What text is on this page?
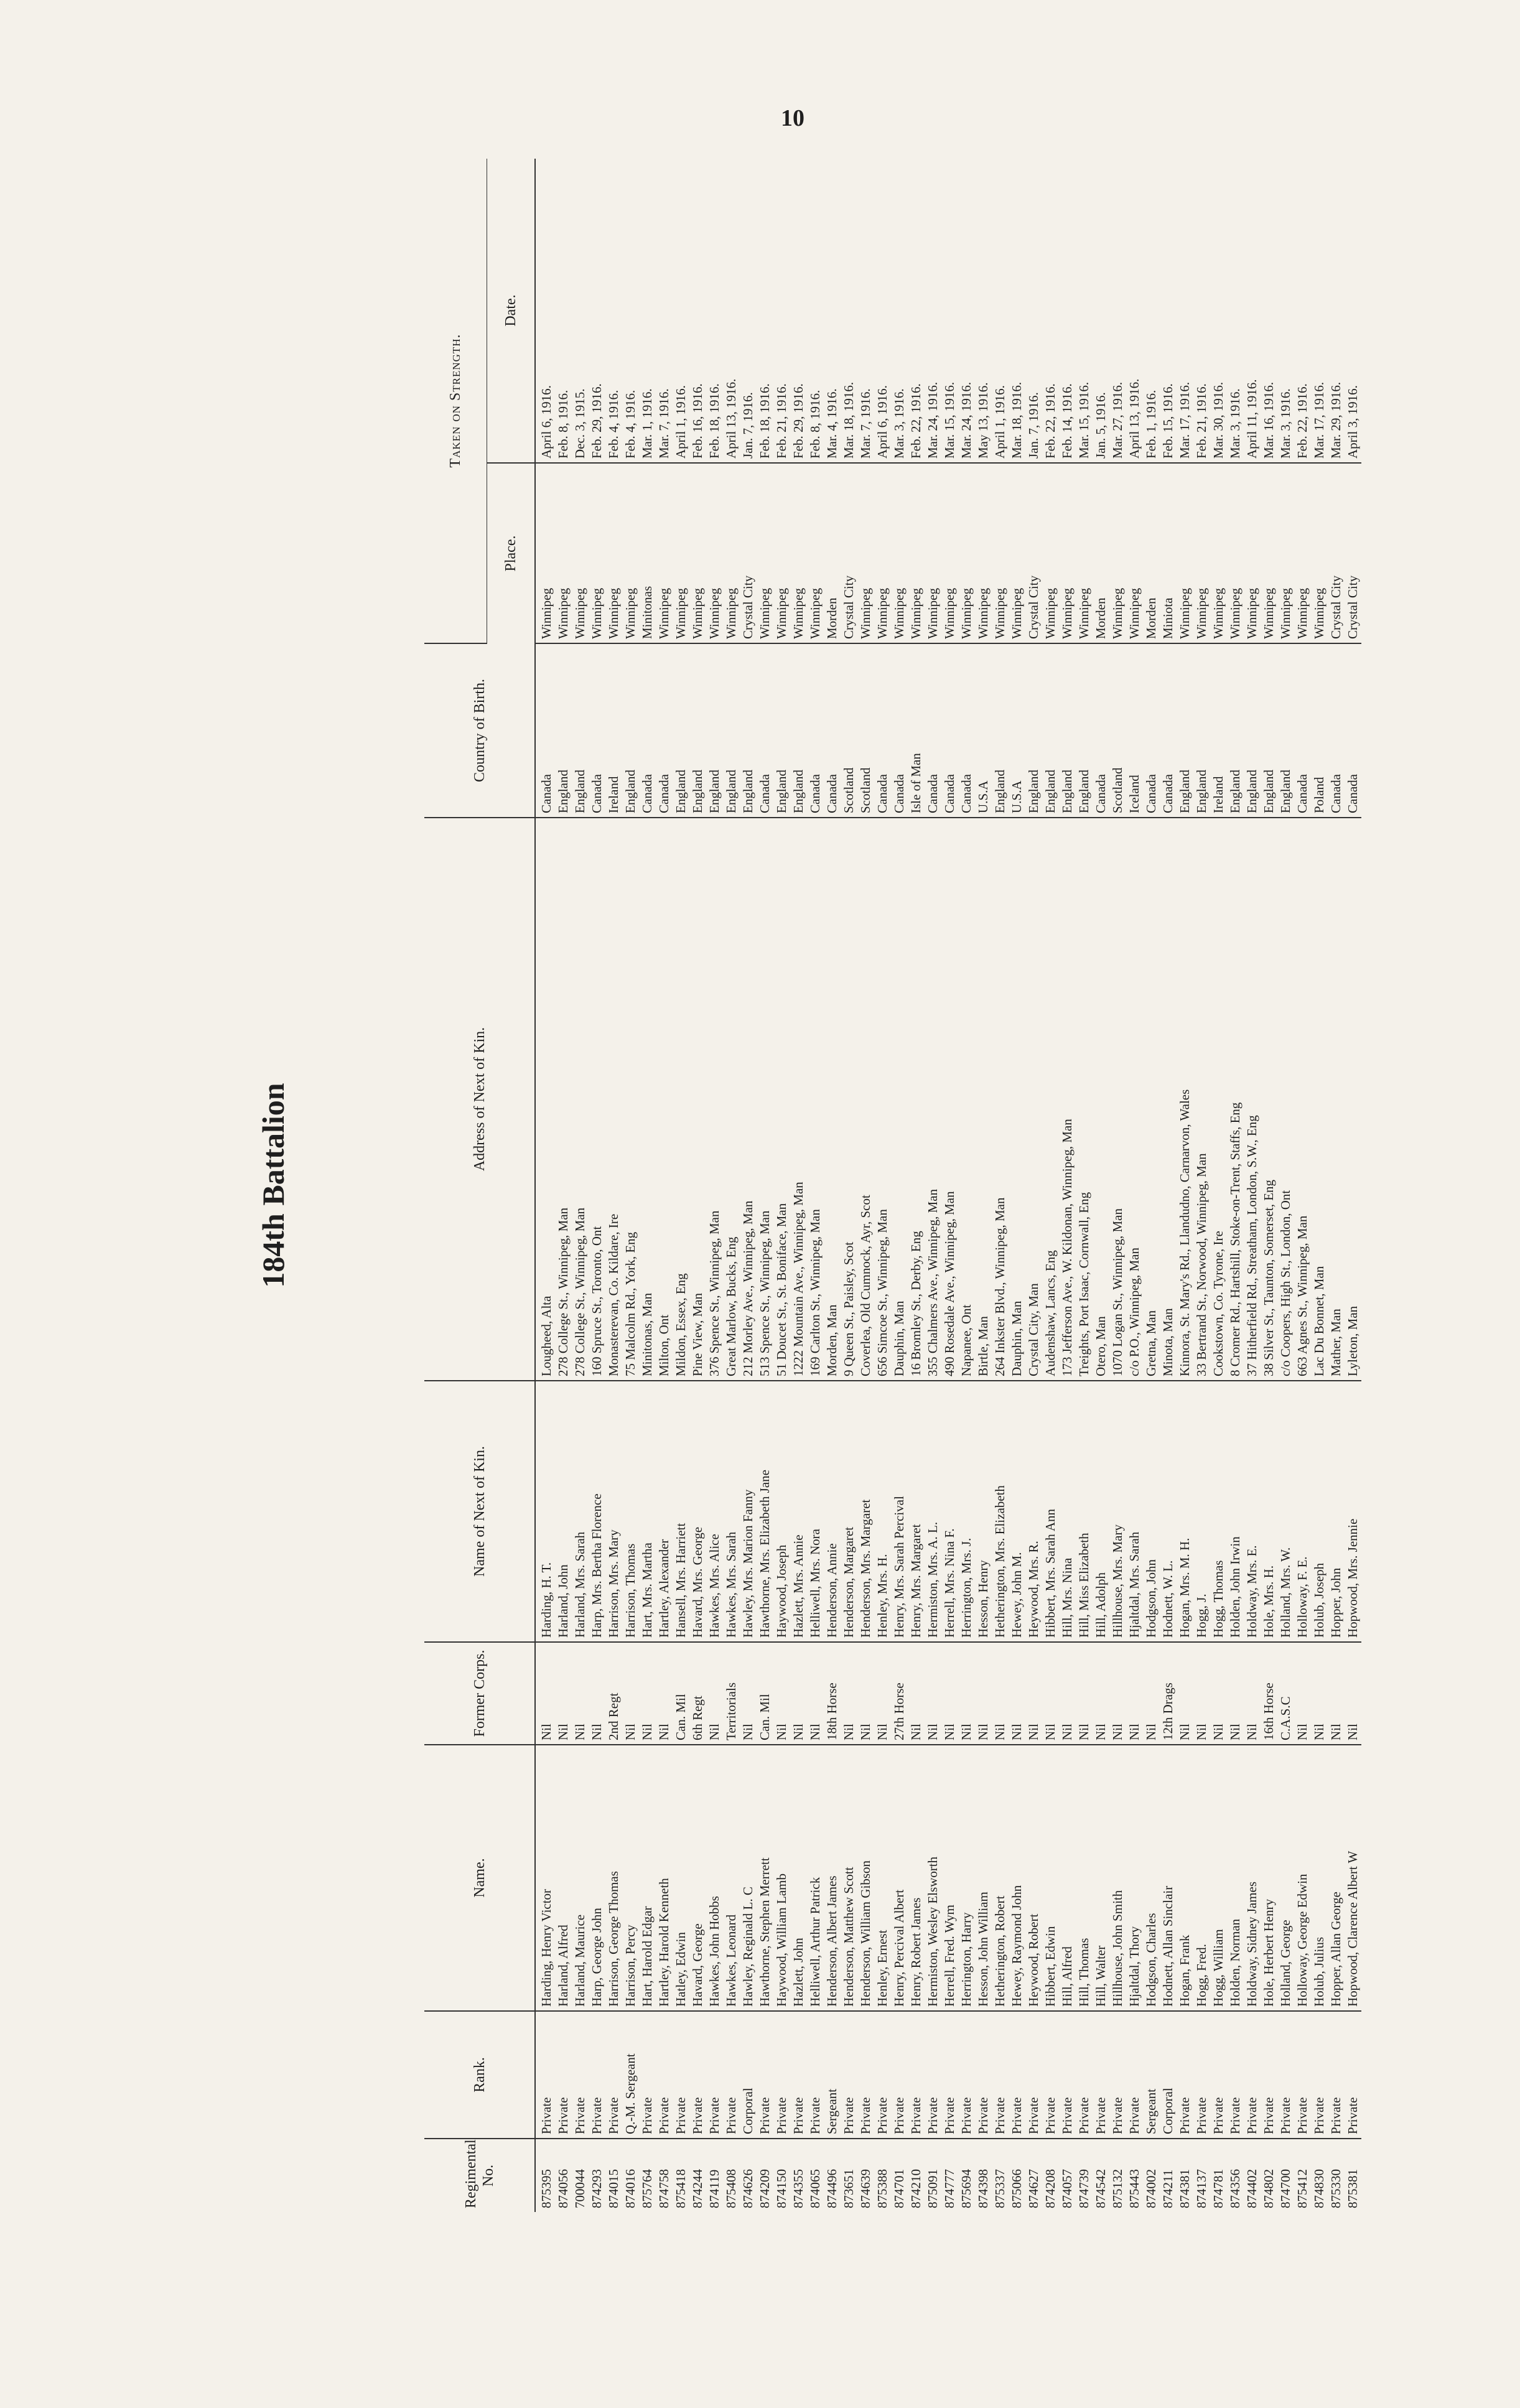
10
184th Battalion
Regimental No.	Rank.	Name.	Former Corps.	Name of Next of Kin.	Address of Next of Kin.	Country of Birth.	Taken on Strength.	
							Place.	Date.
875395	Private	Harding, Henry Victor	Nil	Harding, H. T.	Lougheed, Alta	Canada	Winnipeg	April 6, 1916.
874056	Private	Harland, Alfred	Nil	Harland, John	278 College St., Winnipeg, Man	England	Winnipeg	Feb. 8, 1916.
700044	Private	Harland, Maurice	Nil	Harland, Mrs. Sarah	278 College St., Winnipeg, Man	England	Winnipeg	Dec. 3, 1915.
874293	Private	Harp, George John	Nil	Harp, Mrs. Bertha Florence	160 Spruce St., Toronto, Ont	Canada	Winnipeg	Feb. 29, 1916.
874015	Private	Harrison, George Thomas	2nd Regt	Harrison, Mrs. Mary	Monasterevan, Co. Kildare, Ire	Ireland	Winnipeg	Feb. 4, 1916.
874016	Q.-M. Sergeant	Harrison, Percy	Nil	Harrison, Thomas	75 Malcolm Rd., York, Eng	England	Winnipeg	Feb. 4, 1916.
875764	Private	Hart, Harold Edgar	Nil	Hart, Mrs. Martha	Minitonas, Man	Canada	Minitonas	Mar. 1, 1916.
874758	Private	Hartley, Harold Kenneth	Nil	Hartley, Alexander	Milton, Ont	Canada	Winnipeg	Mar. 7, 1916.
875418	Private	Hatley, Edwin	Can. Mil	Hansell, Mrs. Harriett	Mildon, Essex, Eng	England	Winnipeg	April 1, 1916.
874244	Private	Havard, George	6th Regt	Havard, Mrs. George	Pine View, Man	England	Winnipeg	Feb. 16, 1916.
874119	Private	Hawkes, John Hobbs	Nil	Hawkes, Mrs. Alice	376 Spence St., Winnipeg, Man	England	Winnipeg	Feb. 18, 1916.
875408	Private	Hawkes, Leonard	Territorials	Hawkes, Mrs. Sarah	Great Marlow, Bucks, Eng	England	Winnipeg	April 13, 1916.
874626	Corporal	Hawley, Reginald L. C	Nil	Hawley, Mrs. Marion Fanny	212 Morley Ave., Winnipeg, Man	England	Crystal City	Jan. 7, 1916.
874209	Private	Hawthorne, Stephen Merrett	Can. Mil	Hawthorne, Mrs. Elizabeth Jane	513 Spence St., Winnipeg, Man	Canada	Winnipeg	Feb. 18, 1916.
874150	Private	Haywood, William Lamb	Nil	Haywood, Joseph	51 Doucet St., St. Boniface, Man	England	Winnipeg	Feb. 21, 1916.
874355	Private	Hazlett, John	Nil	Hazlett, Mrs. Annie	1222 Mountain Ave., Winnipeg, Man	England	Winnipeg	Feb. 29, 1916.
874065	Private	Helliwell, Arthur Patrick	Nil	Helliwell, Mrs. Nora	169 Carlton St., Winnipeg, Man	Canada	Winnipeg	Feb. 8, 1916.
874496	Sergeant	Henderson, Albert James	18th Horse	Henderson, Annie	Morden, Man	Canada	Morden	Mar. 4, 1916.
873651	Private	Henderson, Matthew Scott	Nil	Henderson, Margaret	9 Queen St., Paisley, Scot	Scotland	Crystal City	Mar. 18, 1916.
874639	Private	Henderson, William Gibson	Nil	Henderson, Mrs. Margaret	Coverlea, Old Cumnock, Ayr, Scot	Scotland	Winnipeg	Mar. 7, 1916.
875388	Private	Henley, Ernest	Nil	Henley, Mrs. H.	656 Simcoe St., Winnipeg, Man	Canada	Winnipeg	April 6, 1916.
874701	Private	Henry, Percival Albert	27th Horse	Henry, Mrs. Sarah Percival	Dauphin, Man	Canada	Winnipeg	Mar. 3, 1916.
874210	Private	Henry, Robert James	Nil	Henry, Mrs. Margaret	16 Bromley St., Derby, Eng	Isle of Man	Winnipeg	Feb. 22, 1916.
875091	Private	Hermiston, Wesley Elsworth	Nil	Hermiston, Mrs. A. L.	355 Chalmers Ave., Winnipeg, Man	Canada	Winnipeg	Mar. 24, 1916.
874777	Private	Herrell, Fred. Wym	Nil	Herrell, Mrs. Nina F.	490 Rosedale Ave., Winnipeg, Man	Canada	Winnipeg	Mar. 15, 1916.
875694	Private	Herrington, Harry	Nil	Herrington, Mrs. J.	Napanee, Ont	Canada	Winnipeg	Mar. 24, 1916.
874398	Private	Hesson, John William	Nil	Hesson, Henry	Birtle, Man	U.S.A	Winnipeg	May 13, 1916.
875337	Private	Hetherington, Robert	Nil	Hetherington, Mrs. Elizabeth	264 Inkster Blvd., Winnipeg, Man	England	Winnipeg	April 1, 1916.
875066	Private	Hewey, Raymond John	Nil	Hewey, John M.	Dauphin, Man	U.S.A	Winnipeg	Mar. 18, 1916.
874627	Private	Heywood, Robert	Nil	Heywood, Mrs. R.	Crystal City, Man	England	Crystal City	Jan. 7, 1916.
874208	Private	Hibbert, Edwin	Nil	Hibbert, Mrs. Sarah Ann	Audenshaw, Lancs, Eng	England	Winnipeg	Feb. 22, 1916.
874057	Private	Hill, Alfred	Nil	Hill, Mrs. Nina	173 Jefferson Ave., W. Kildonan, Winnipeg, Man	England	Winnipeg	Feb. 14, 1916.
874739	Private	Hill, Thomas	Nil	Hill, Miss Elizabeth	Treights, Port Isaac, Cornwall, Eng	England	Winnipeg	Mar. 15, 1916.
874542	Private	Hill, Walter	Nil	Hill, Adolph	Otero, Man	Canada	Morden	Jan. 5, 1916.
875132	Private	Hillhouse, John Smith	Nil	Hillhouse, Mrs. Mary	1070 Logan St., Winnipeg, Man	Scotland	Winnipeg	Mar. 27, 1916.
875443	Private	Hjaltdal, Thory	Nil	Hjaltdal, Mrs. Sarah	c/o P.O., Winnipeg, Man	Iceland	Winnipeg	April 13, 1916.
874002	Sergeant	Hodgson, Charles	Nil	Hodgson, John	Gretna, Man	Canada	Morden	Feb. 1, 1916.
874211	Corporal	Hodnett, Allan Sinclair	12th Drags	Hodnett, W. L.	Minota, Man	Canada	Miniota	Feb. 15, 1916.
874381	Private	Hogan, Frank	Nil	Hogan, Mrs. M. H.	Kinnora, St. Mary's Rd., Llandudno, Carnarvon, Wales	England	Winnipeg	Mar. 17, 1916.
874137	Private	Hogg, Fred.	Nil	Hogg, J.	33 Bertrand St., Norwood, Winnipeg, Man	England	Winnipeg	Feb. 21, 1916.
874781	Private	Hogg, William	Nil	Hogg, Thomas	Cookstown, Co. Tyrone, Ire	Ireland	Winnipeg	Mar. 30, 1916.
874356	Private	Holden, Norman	Nil	Holden, John Irwin	8 Cromer Rd., Hartshill, Stoke-on-Trent, Staffs, Eng	England	Winnipeg	Mar. 3, 1916.
874402	Private	Holdway, Sidney James	Nil	Holdway, Mrs. E.	37 Hitherfield Rd., Streatham, London, S.W., Eng	England	Winnipeg	April 11, 1916.
874802	Private	Hole, Herbert Henry	16th Horse	Hole, Mrs. H.	38 Silver St., Taunton, Somerset, Eng	England	Winnipeg	Mar. 16, 1916.
874700	Private	Holland, George	C.A.S.C	Holland, Mrs. W.	c/o Coopers, High St., London, Ont	England	Winnipeg	Mar. 3, 1916.
875412	Private	Holloway, George Edwin	Nil	Holloway, F. E.	663 Agnes St., Winnipeg, Man	Canada	Winnipeg	Feb. 22, 1916.
874830	Private	Holub, Julius	Nil	Holub, Joseph	Lac Du Bonnet, Man	Poland	Winnipeg	Mar. 17, 1916.
875330	Private	Hopper, Allan George	Nil	Hopper, John	Mather, Man	Canada	Crystal City	Mar. 29, 1916.
875381	Private	Hopwood, Clarence Albert W	Nil	Hopwood, Mrs. Jennie	Lyleton, Man	Canada	Crystal City	April 3, 1916.
